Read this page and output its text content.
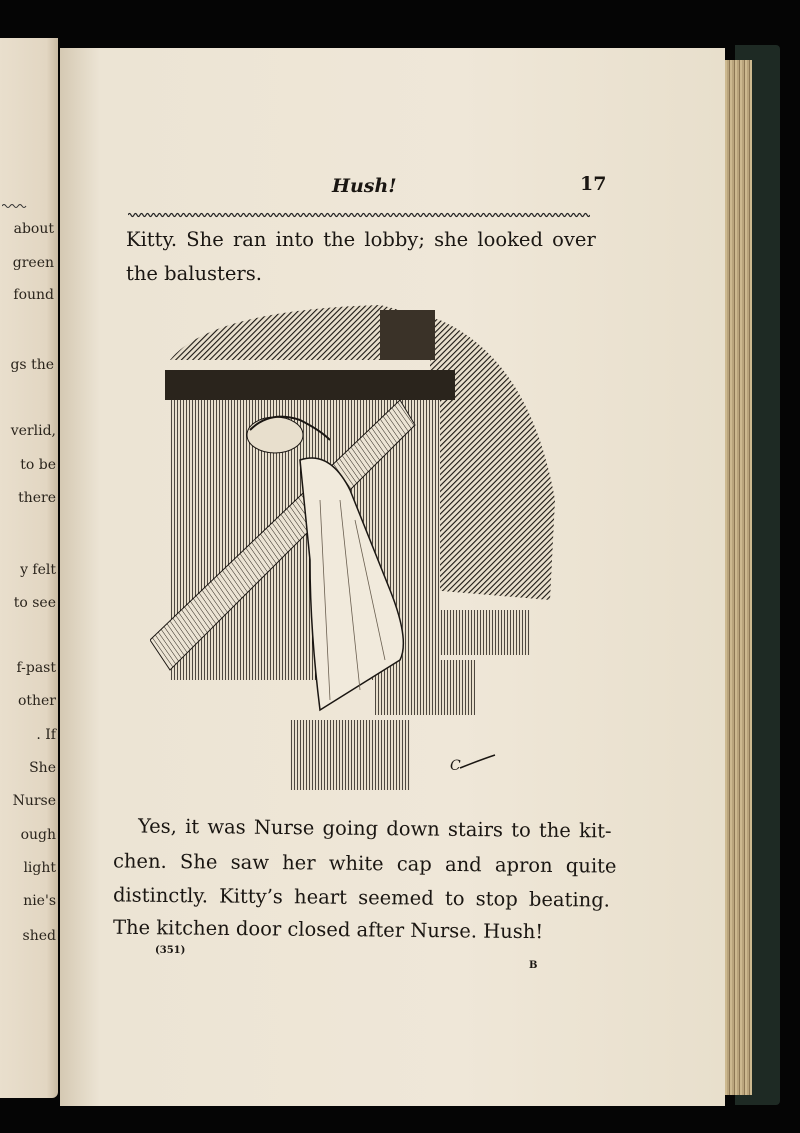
about
green
found
gs the
verlid,
to be
there
y felt
to see
f-past
other
. If
She
Nurse
ough
light
nie's
shed
Hush!	17
Kitty. She ran into the lobby; she looked over
the balusters.
C
Yes, it was Nurse going down stairs to the kit-
chen. She saw her white cap and apron quite
distinctly. Kitty’s heart seemed to stop beating.
The kitchen door closed after Nurse. Hush!
(351)
B
